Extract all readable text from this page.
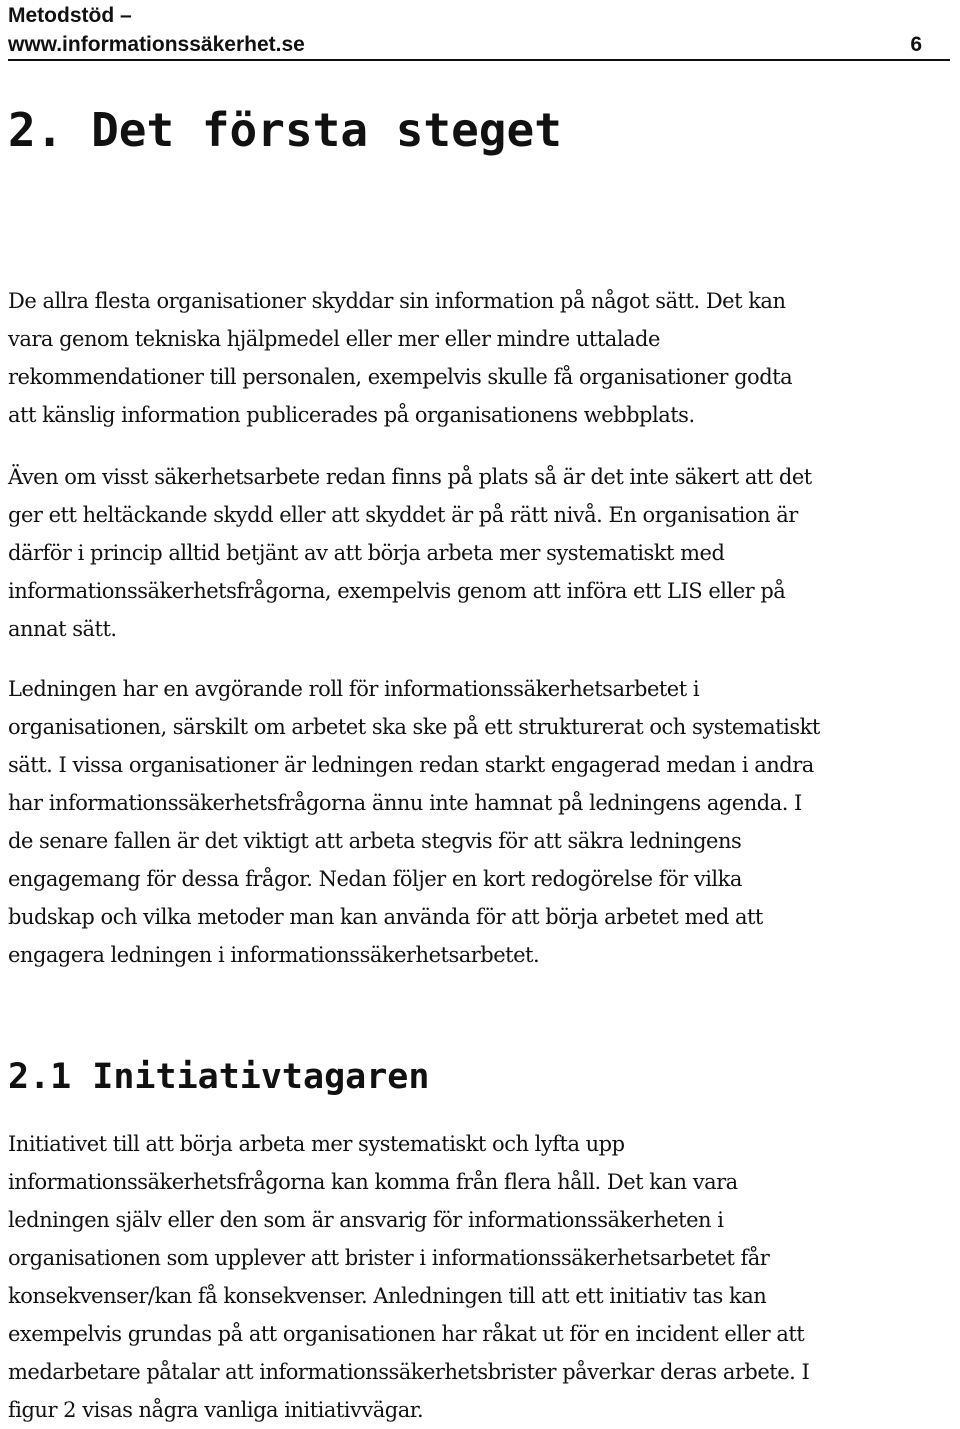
Metodstöd –
www.informationssäkerhet.se	6
2. Det första steget

De allra flesta organisationer skyddar sin information på något sätt. Det kan
vara genom tekniska hjälpmedel eller mer eller mindre uttalade
rekommendationer till personalen, exempelvis skulle få organisationer godta
att känslig information publicerades på organisationens webbplats.

Även om visst säkerhetsarbete redan finns på plats så är det inte säkert att det
ger ett heltäckande skydd eller att skyddet är på rätt nivå. En organisation är
därför i princip alltid betjänt av att börja arbeta mer systematiskt med
informationssäkerhetsfrågorna, exempelvis genom att införa ett LIS eller på
annat sätt.

Ledningen har en avgörande roll för informationssäkerhetsarbetet i
organisationen, särskilt om arbetet ska ske på ett strukturerat och systematiskt
sätt. I vissa organisationer är ledningen redan starkt engagerad medan i andra
har informationssäkerhetsfrågorna ännu inte hamnat på ledningens agenda. I
de senare fallen är det viktigt att arbeta stegvis för att säkra ledningens
engagemang för dessa frågor. Nedan följer en kort redogörelse för vilka
budskap och vilka metoder man kan använda för att börja arbetet med att
engagera ledningen i informationssäkerhetsarbetet.

2.1 Initiativtagaren

Initiativet till att börja arbeta mer systematiskt och lyfta upp
informationssäkerhetsfrågorna kan komma från flera håll. Det kan vara
ledningen själv eller den som är ansvarig för informationssäkerheten i
organisationen som upplever att brister i informationssäkerhetsarbetet får
konsekvenser/kan få konsekvenser. Anledningen till att ett initiativ tas kan
exempelvis grundas på att organisationen har råkat ut för en incident eller att
medarbetare påtalar att informationssäkerhetsbrister påverkar deras arbete. I
figur 2 visas några vanliga initiativvägar.
